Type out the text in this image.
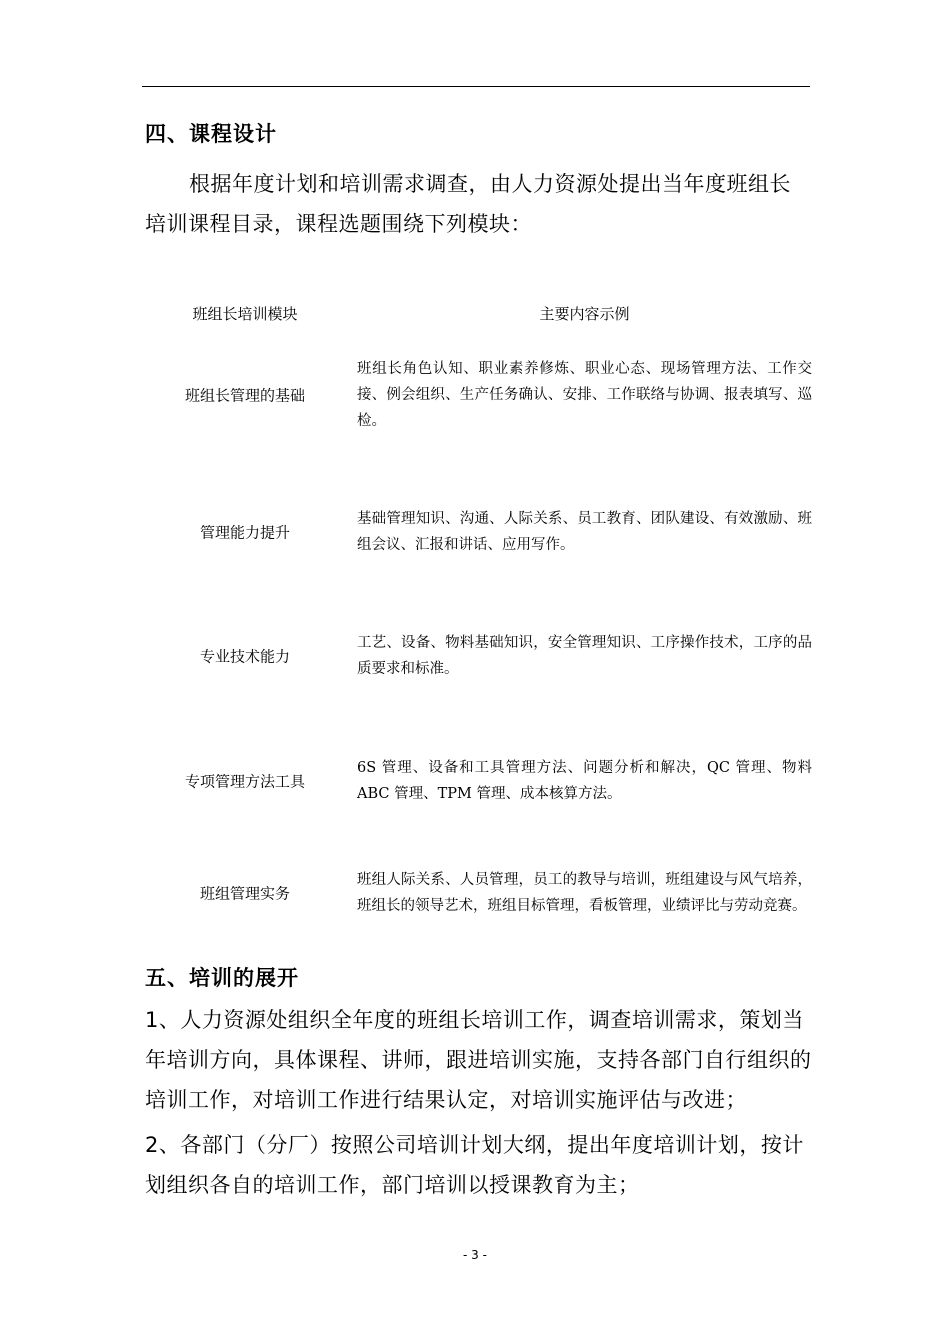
四、课程设计
根据年度计划和培训需求调查，由人力资源处提出当年度班组长
培训课程目录，课程选题围绕下列模块：
班组长培训模块	主要内容示例
班组长管理的基础
班组长角色认知、职业素养修炼、职业心态、现场管理方法、工作交接、例会组织、生产任务确认、安排、工作联络与协调、报表填写、巡检。
管理能力提升
基础管理知识、沟通、人际关系、员工教育、团队建设、有效激励、班组会议、汇报和讲话、应用写作。
专业技术能力
工艺、设备、物料基础知识，安全管理知识、工序操作技术，工序的品质要求和标准。
专项管理方法工具
6S 管理、设备和工具管理方法、问题分析和解决，QC 管理、物料 ABC 管理、TPM 管理、成本核算方法。
班组管理实务
班组人际关系、人员管理，员工的教导与培训，班组建设与风气培养，班组长的领导艺术，班组目标管理，看板管理，业绩评比与劳动竞赛。
五、培训的展开
1、人力资源处组织全年度的班组长培训工作，调查培训需求，策划当年培训方向，具体课程、讲师，跟进培训实施，支持各部门自行组织的培训工作，对培训工作进行结果认定，对培训实施评估与改进；
2、各部门（分厂）按照公司培训计划大纲，提出年度培训计划，按计划组织各自的培训工作，部门培训以授课教育为主；
- 3 -
